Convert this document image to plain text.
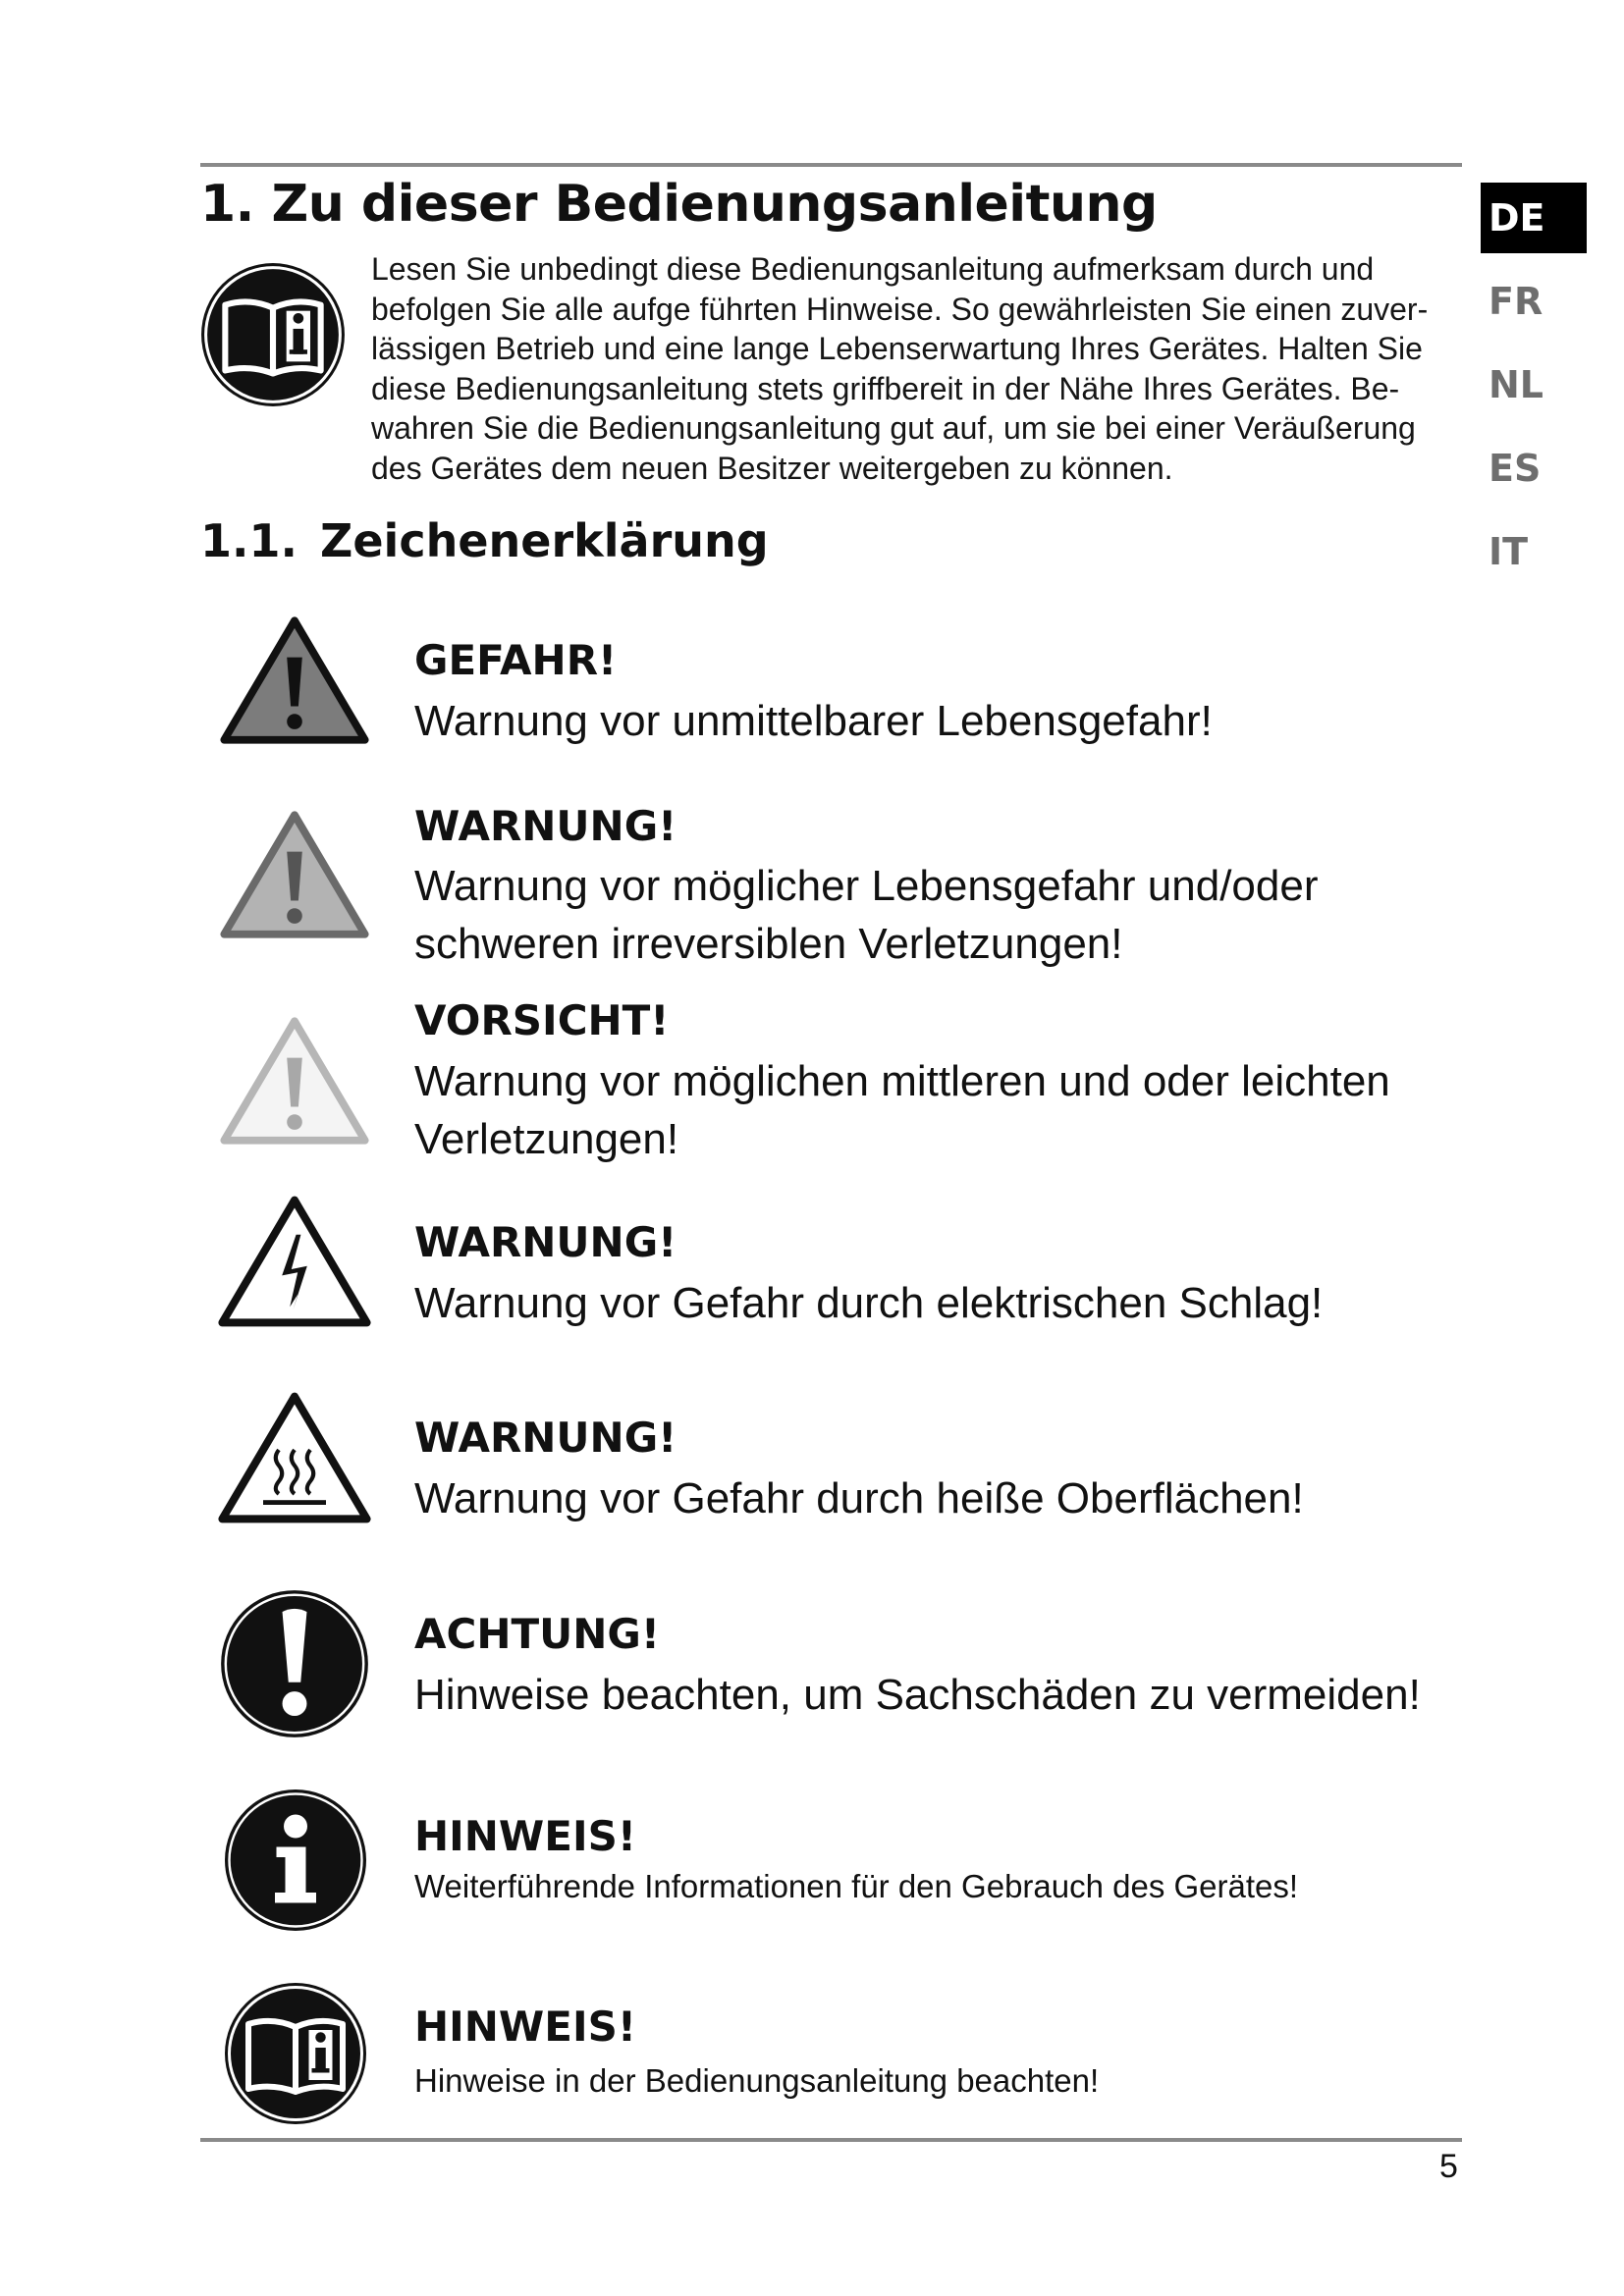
1. Zu dieser Bedienungsanleitung
Lesen Sie unbedingt diese Bedienungsanleitung aufmerksam durch und
befolgen Sie alle aufge führten Hinweise. So gewährleisten Sie einen zuver-
lässigen Betrieb und eine lange Lebenserwartung Ihres Gerätes. Halten Sie
diese Bedienungsanleitung stets griffbereit in der Nähe Ihres Gerätes. Be-
wahren Sie die Bedienungsanleitung gut auf, um sie bei einer Veräußerung
des Gerätes dem neuen Besitzer weitergeben zu können.
1.1. Zeichenerklärung
DE
FR
NL
ES
IT
GEFAHR!
Warnung vor unmittelbarer Lebensgefahr!
WARNUNG!
Warnung vor möglicher Lebensgefahr und/oder
schweren irreversiblen Verletzungen!
VORSICHT!
Warnung vor möglichen mittleren und oder leichten
Verletzungen!
WARNUNG!
Warnung vor Gefahr durch elektrischen Schlag!
WARNUNG!
Warnung vor Gefahr durch heiße Oberflächen!
ACHTUNG!
Hinweise beachten, um Sachschäden zu vermeiden!
HINWEIS!
Weiterführende Informationen für den Gebrauch des Gerätes!
HINWEIS!
Hinweise in der Bedienungsanleitung beachten!
5
